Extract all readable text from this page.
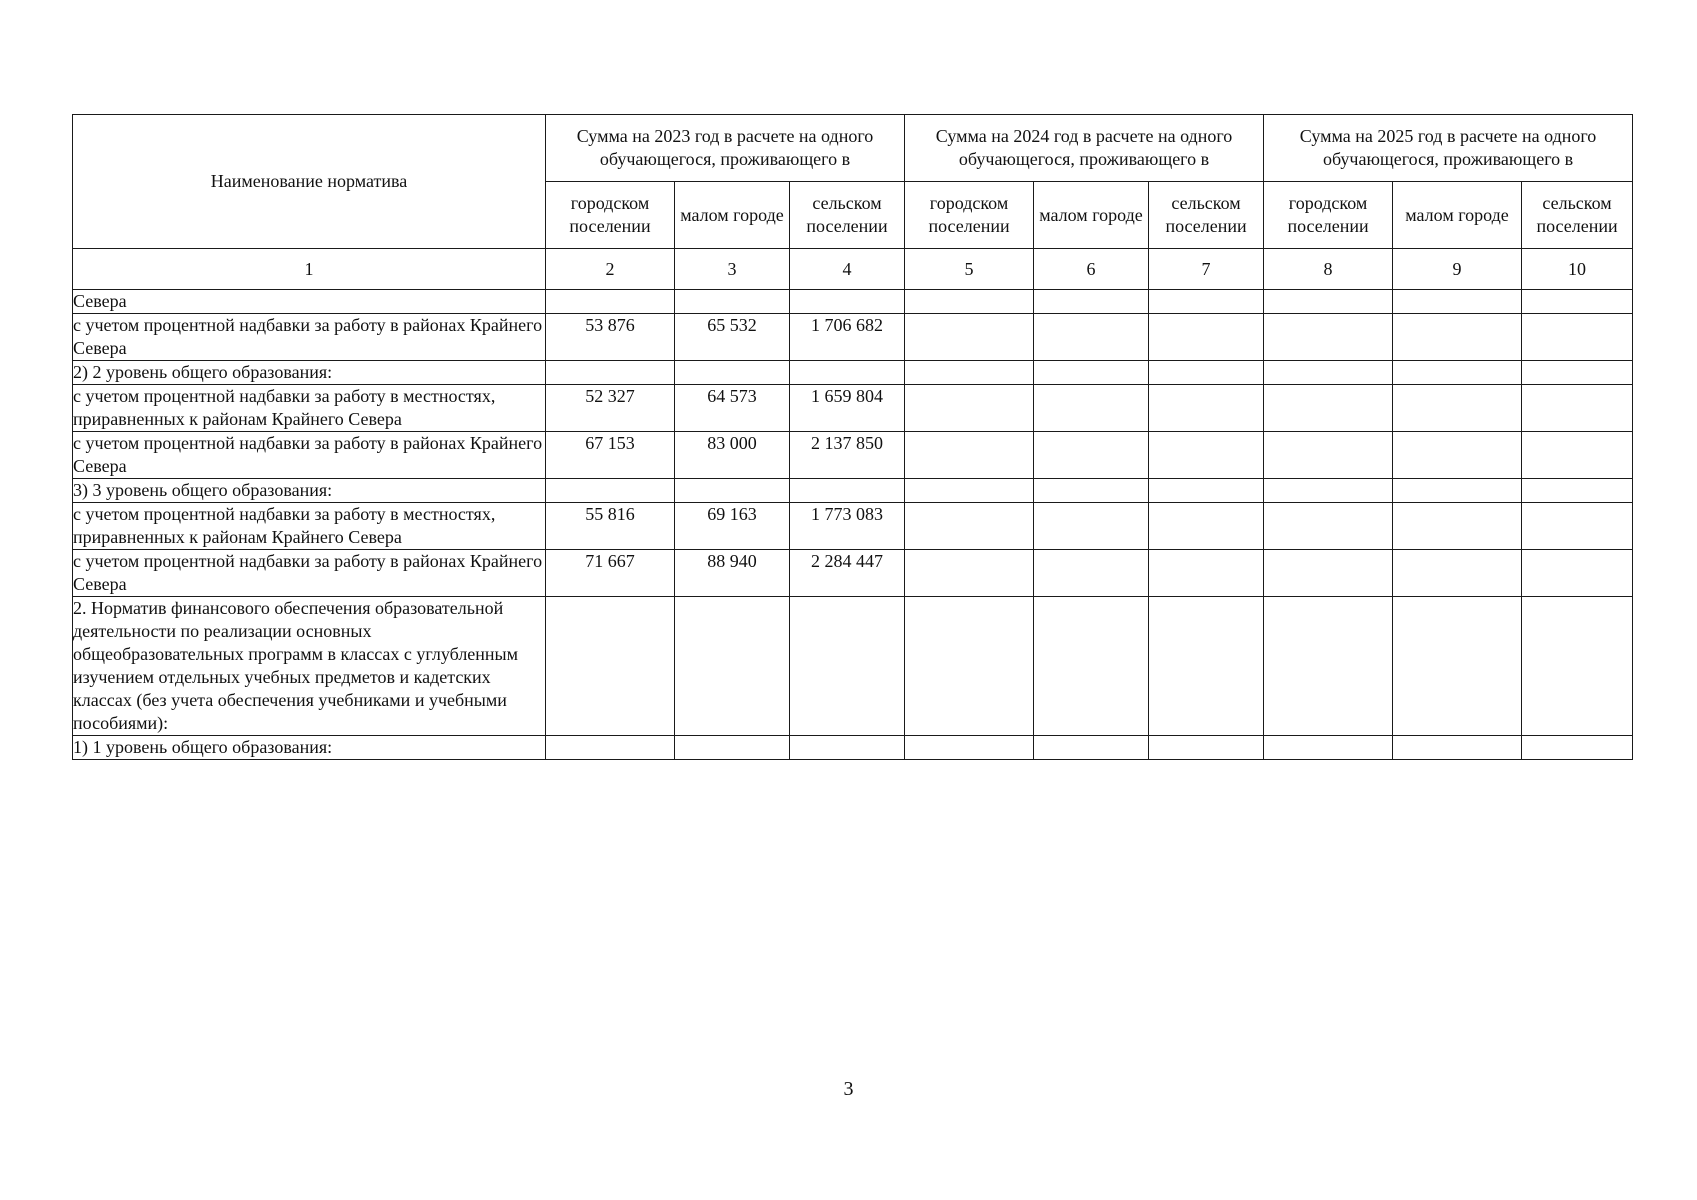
Наименование норматива	Сумма на 2023 год в расчете на одного обучающегося, проживающего в			Сумма на 2024 год в расчете на одного обучающегося, проживающего в			Сумма на 2025 год в расчете на одного обучающегося, проживающего в		
	городском поселении	малом городе	сельском поселении	городском поселении	малом городе	сельском поселении	городском поселении	малом городе	сельском поселении
1	2	3	4	5	6	7	8	9	10
Севера									
с учетом процентной надбавки за работу в районах Крайнего Севера	53 876	65 532	1 706 682						
2) 2 уровень общего образования:									
с учетом процентной надбавки за работу в местностях, приравненных к районам Крайнего Севера	52 327	64 573	1 659 804						
с учетом процентной надбавки за работу в районах Крайнего Севера	67 153	83 000	2 137 850						
3) 3 уровень общего образования:									
с учетом процентной надбавки за работу в местностях, приравненных к районам Крайнего Севера	55 816	69 163	1 773 083						
с учетом процентной надбавки за работу в районах Крайнего Севера	71 667	88 940	2 284 447						
2. Норматив финансового обеспечения образовательной деятельности по реализации основных общеобразовательных программ в классах с углубленным изучением отдельных учебных предметов и кадетских классах (без учета обеспечения учебниками и учебными пособиями):									
1) 1 уровень общего образования:									
3
